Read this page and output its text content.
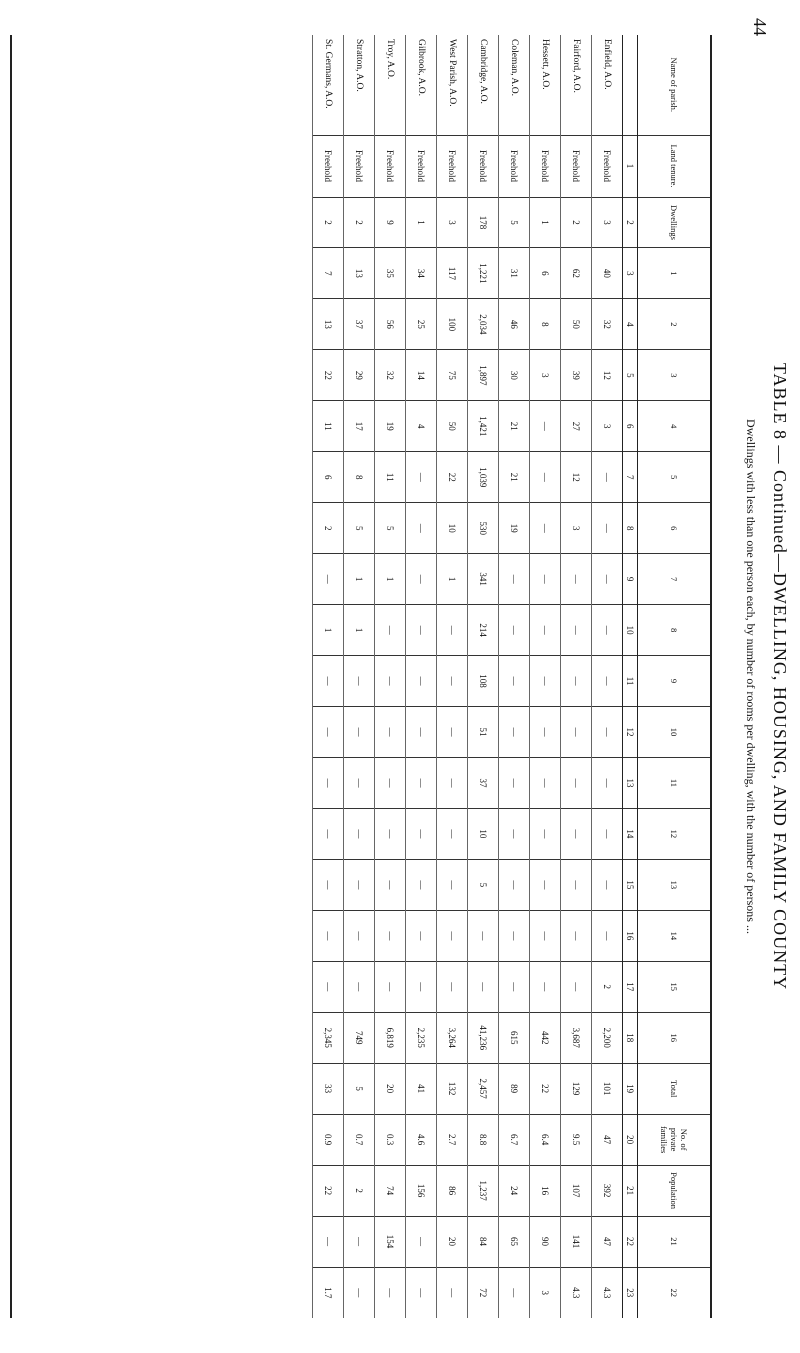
44
TABLE 8 — Continued—DWELLING, HOUSING, AND FAMILY COUNTY
Dwellings with less than one person each, by number of rooms per dwelling, with the number of persons ...
Name of parish.	Land tenure.	Dwellings	1	2	3	4	5	6	7	8	9	10	11	12	13	14	15	16	Total	No. of private families	Population	21	22
	1	2	3	4	5	6	7	8	9	10	11	12	13	14	15	16	17	18	19	20	21	22	23
Enfield, A.O.	Freehold	3	40	32	12	3	—	—	—	—	—	—	—	—	—	—	2	2,200	101	47	392	47	4.3
Fairford, A.O.	Freehold	2	62	50	39	27	12	3	—	—	—	—	—	—	—	—	—	3,687	129	9.5	107	141	4.3
Hessett, A.O.	Freehold	1	6	8	3	—	—	—	—	—	—	—	—	—	—	—	—	442	22	6.4	16	90	3
Coleman, A.O.	Freehold	5	31	46	30	21	21	19	—	—	—	—	—	—	—	—	—	615	89	6.7	24	65	—
Cambridge, A.O.	Freehold	178	1,221	2,034	1,897	1,421	1,039	530	341	214	108	51	37	10	5	—	—	41,236	2,457	8.8	1,237	84	72
West Parish, A.O.	Freehold	3	117	100	75	50	22	10	1	—	—	—	—	—	—	—	—	3,264	132	2.7	86	20	—
Gilbrook, A.O.	Freehold	1	34	25	14	4	—	—	—	—	—	—	—	—	—	—	—	2,235	41	4.6	156	—	—
Troy, A.O.	Freehold	9	35	56	32	19	11	5	1	—	—	—	—	—	—	—	—	6,819	20	0.3	74	154	—
Stratton, A.O.	Freehold	2	13	37	29	17	8	5	1	1	—	—	—	—	—	—	—	749	5	0.7	2	—	—
St. Germans, A.O.	Freehold	2	7	13	22	11	6	2	—	1	—	—	—	—	—	—	—	2,345	33	0.9	22	—	1.7
